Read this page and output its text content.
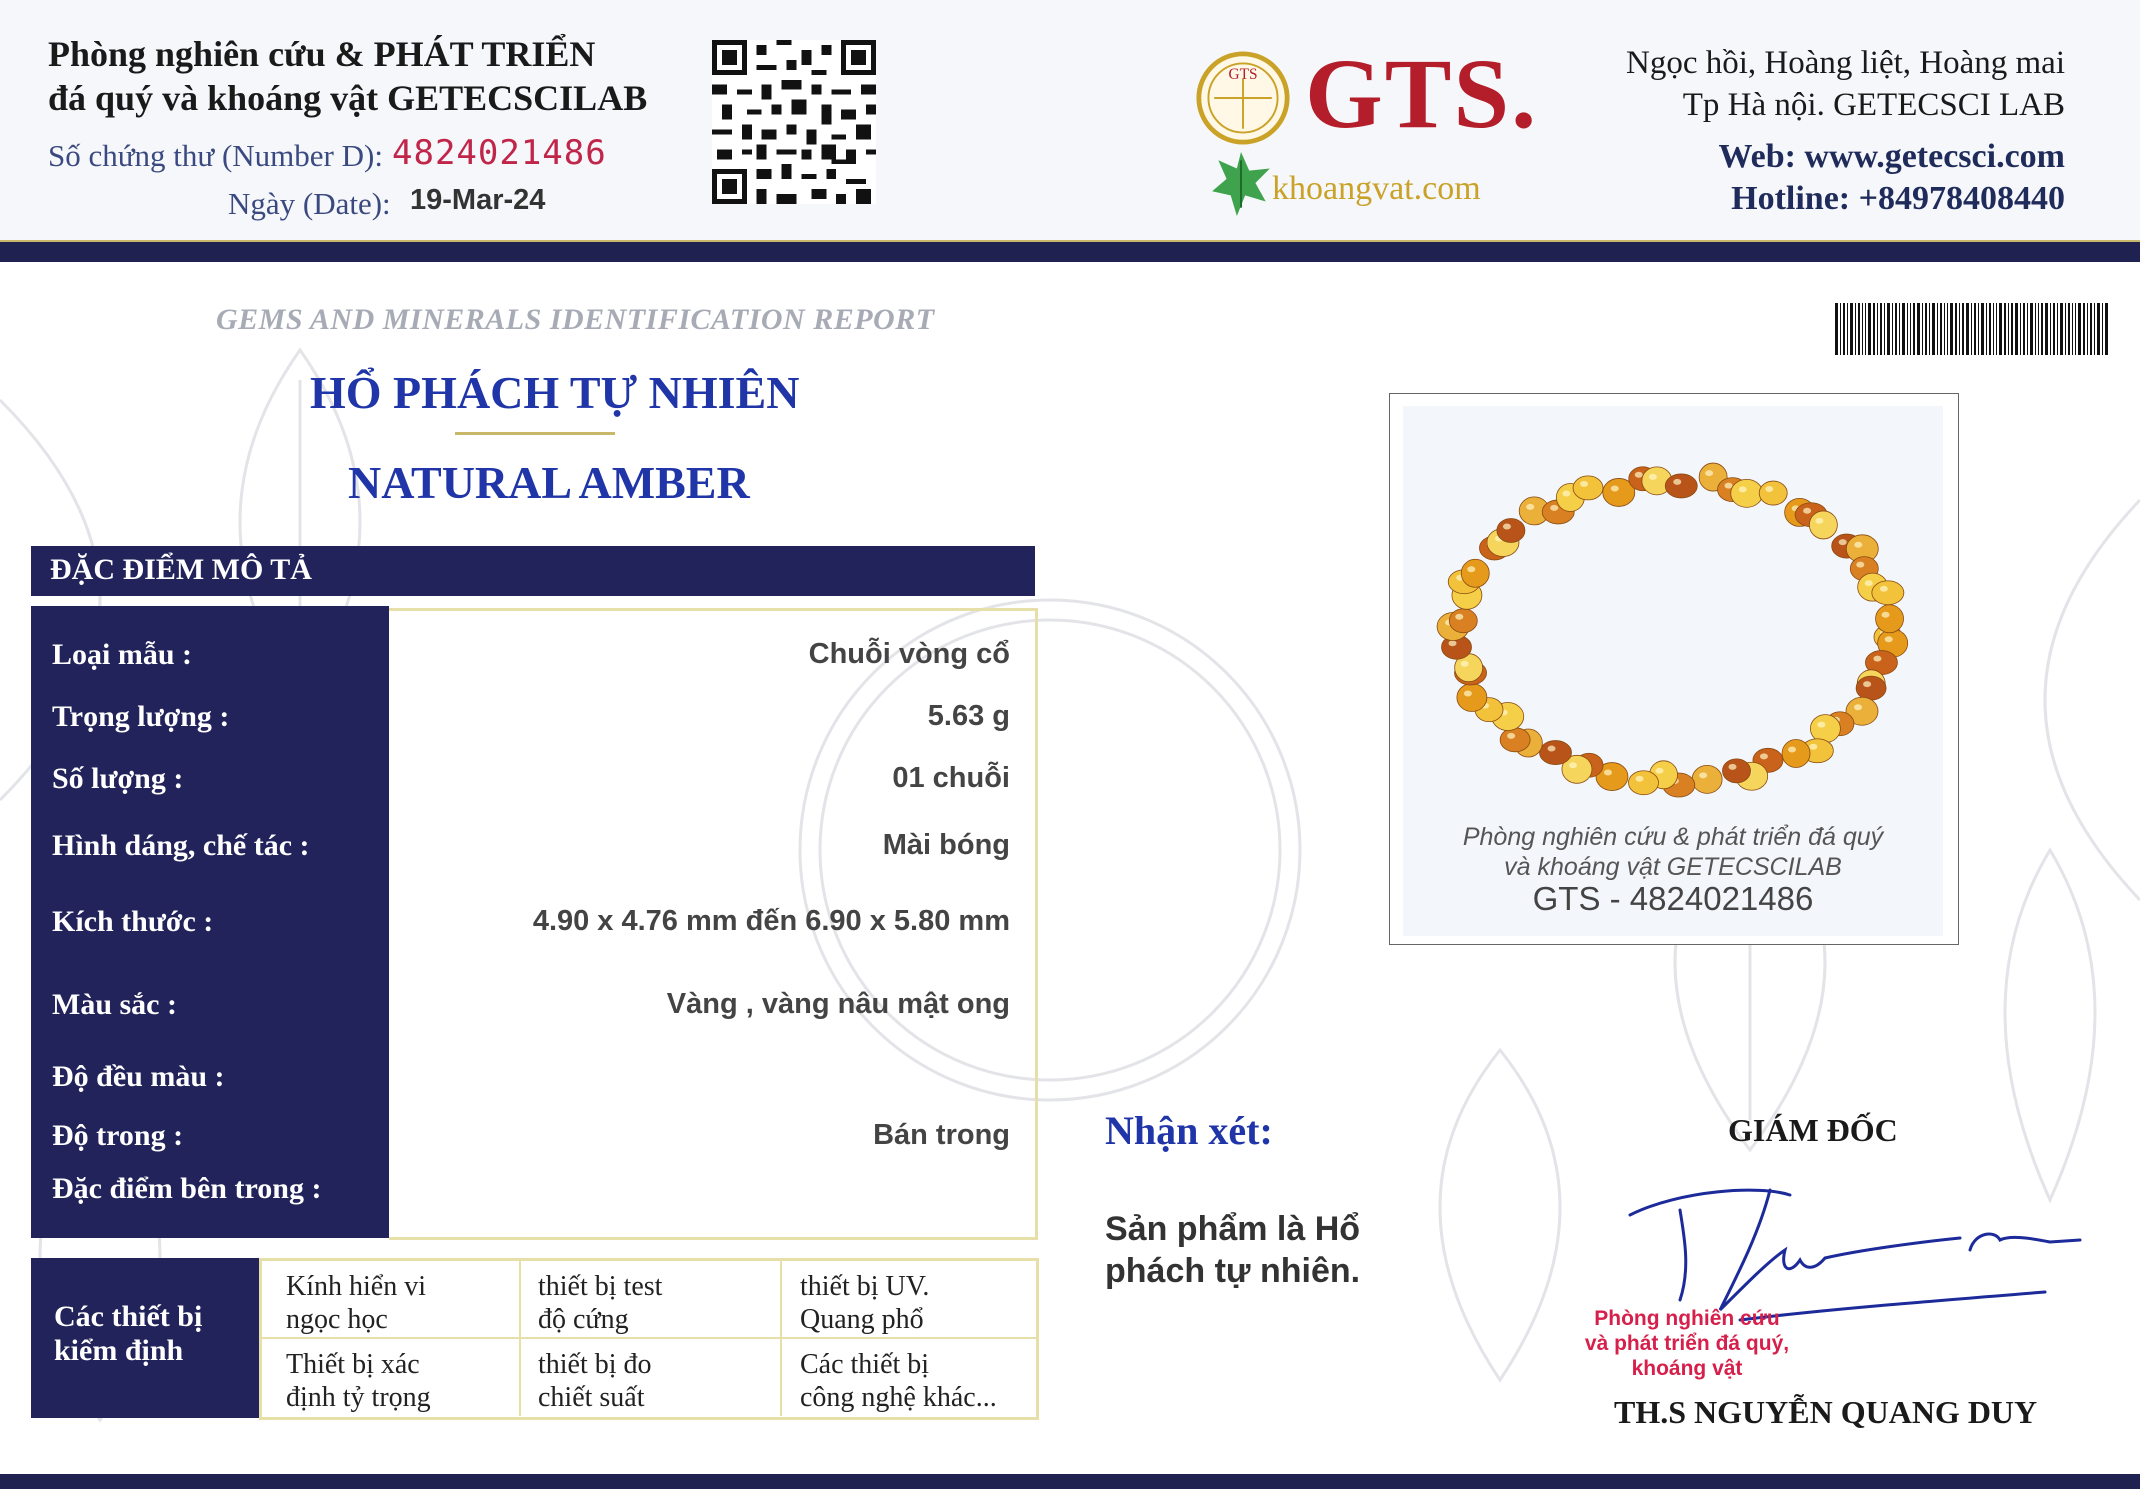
Phòng nghiên cứu & PHÁT TRIỂN
đá quý và khoáng vật GETECSCILAB
Số chứng thư (Number D): 4824021486
Ngày (Date): 19-Mar-24
GTS GTS.
khoangvat.com
Ngọc hồi, Hoàng liệt, Hoàng mai
Tp Hà nội. GETECSCI LAB
Web: www.getecsci.com
Hotline: +84978408440
GEMS AND MINERALS IDENTIFICATION REPORT
HỔ PHÁCH TỰ NHIÊN
NATURAL AMBER
ĐẶC ĐIỂM MÔ TẢ
Loại mẫu :
Trọng lượng :
Số lượng :
Hình dáng, chế tác :
Kích thước :
Màu sắc :
Độ đều màu :
Độ trong :
Đặc điểm bên trong :
Chuỗi vòng cổ
5.63 g
01 chuỗi
Mài bóng
4.90 x 4.76 mm đến 6.90 x 5.80 mm
Vàng , vàng nâu mật ong
Bán trong
Các thiết bị
kiểm định
Kính hiển vi
ngọc học
thiết bị test
độ cứng
thiết bị UV.
Quang phổ
Thiết bị xác
định tỷ trọng
thiết bị đo
chiết suất
Các thiết bị
công nghệ khác...
Phòng nghiên cứu & phát triển đá quý
và khoáng vật GETECSCILAB
GTS - 4824021486
Nhận xét:
Sản phẩm là Hổ phách tự nhiên.
GIÁM ĐỐC
Phòng nghiên cứu
và phát triển đá quý,
khoáng vật
TH.S NGUYỄN QUANG DUY
